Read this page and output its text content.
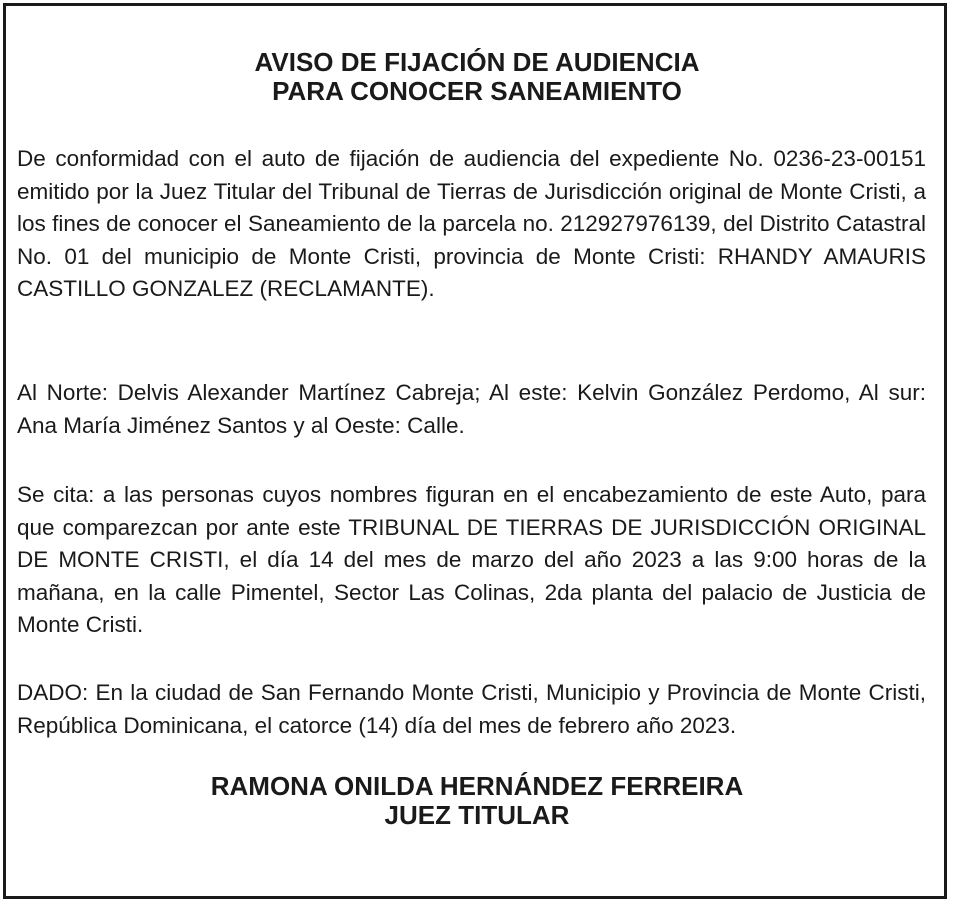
AVISO DE FIJACIÓN DE AUDIENCIA
PARA CONOCER SANEAMIENTO

De conformidad con el auto de fijación de audiencia del expediente No. 0236-23-00151 emitido por la Juez Titular del Tribunal de Tierras de Jurisdicción original de Monte Cristi, a los fines de conocer el Saneamiento de la parcela no. 212927976139, del Distrito Catastral No. 01 del municipio de Monte Cristi, provincia de Monte Cristi: RHANDY AMAURIS CASTILLO GONZALEZ (RECLAMANTE).

Al Norte: Delvis Alexander Martínez Cabreja; Al este: Kelvin González Perdomo, Al sur: Ana María Jiménez Santos y al Oeste: Calle.

Se cita: a las personas cuyos nombres figuran en el encabezamiento de este Auto, para que comparezcan por ante este TRIBUNAL DE TIERRAS DE JURISDICCIÓN ORIGINAL DE MONTE CRISTI, el día 14 del mes de marzo del año 2023 a las 9:00 horas de la mañana, en la calle Pimentel, Sector Las Colinas, 2da planta del palacio de Justicia de Monte Cristi.

DADO: En la ciudad de San Fernando Monte Cristi, Municipio y Provincia de Monte Cristi, República Dominicana, el catorce (14) día del mes de febrero año 2023.

RAMONA ONILDA HERNÁNDEZ FERREIRA
JUEZ TITULAR
